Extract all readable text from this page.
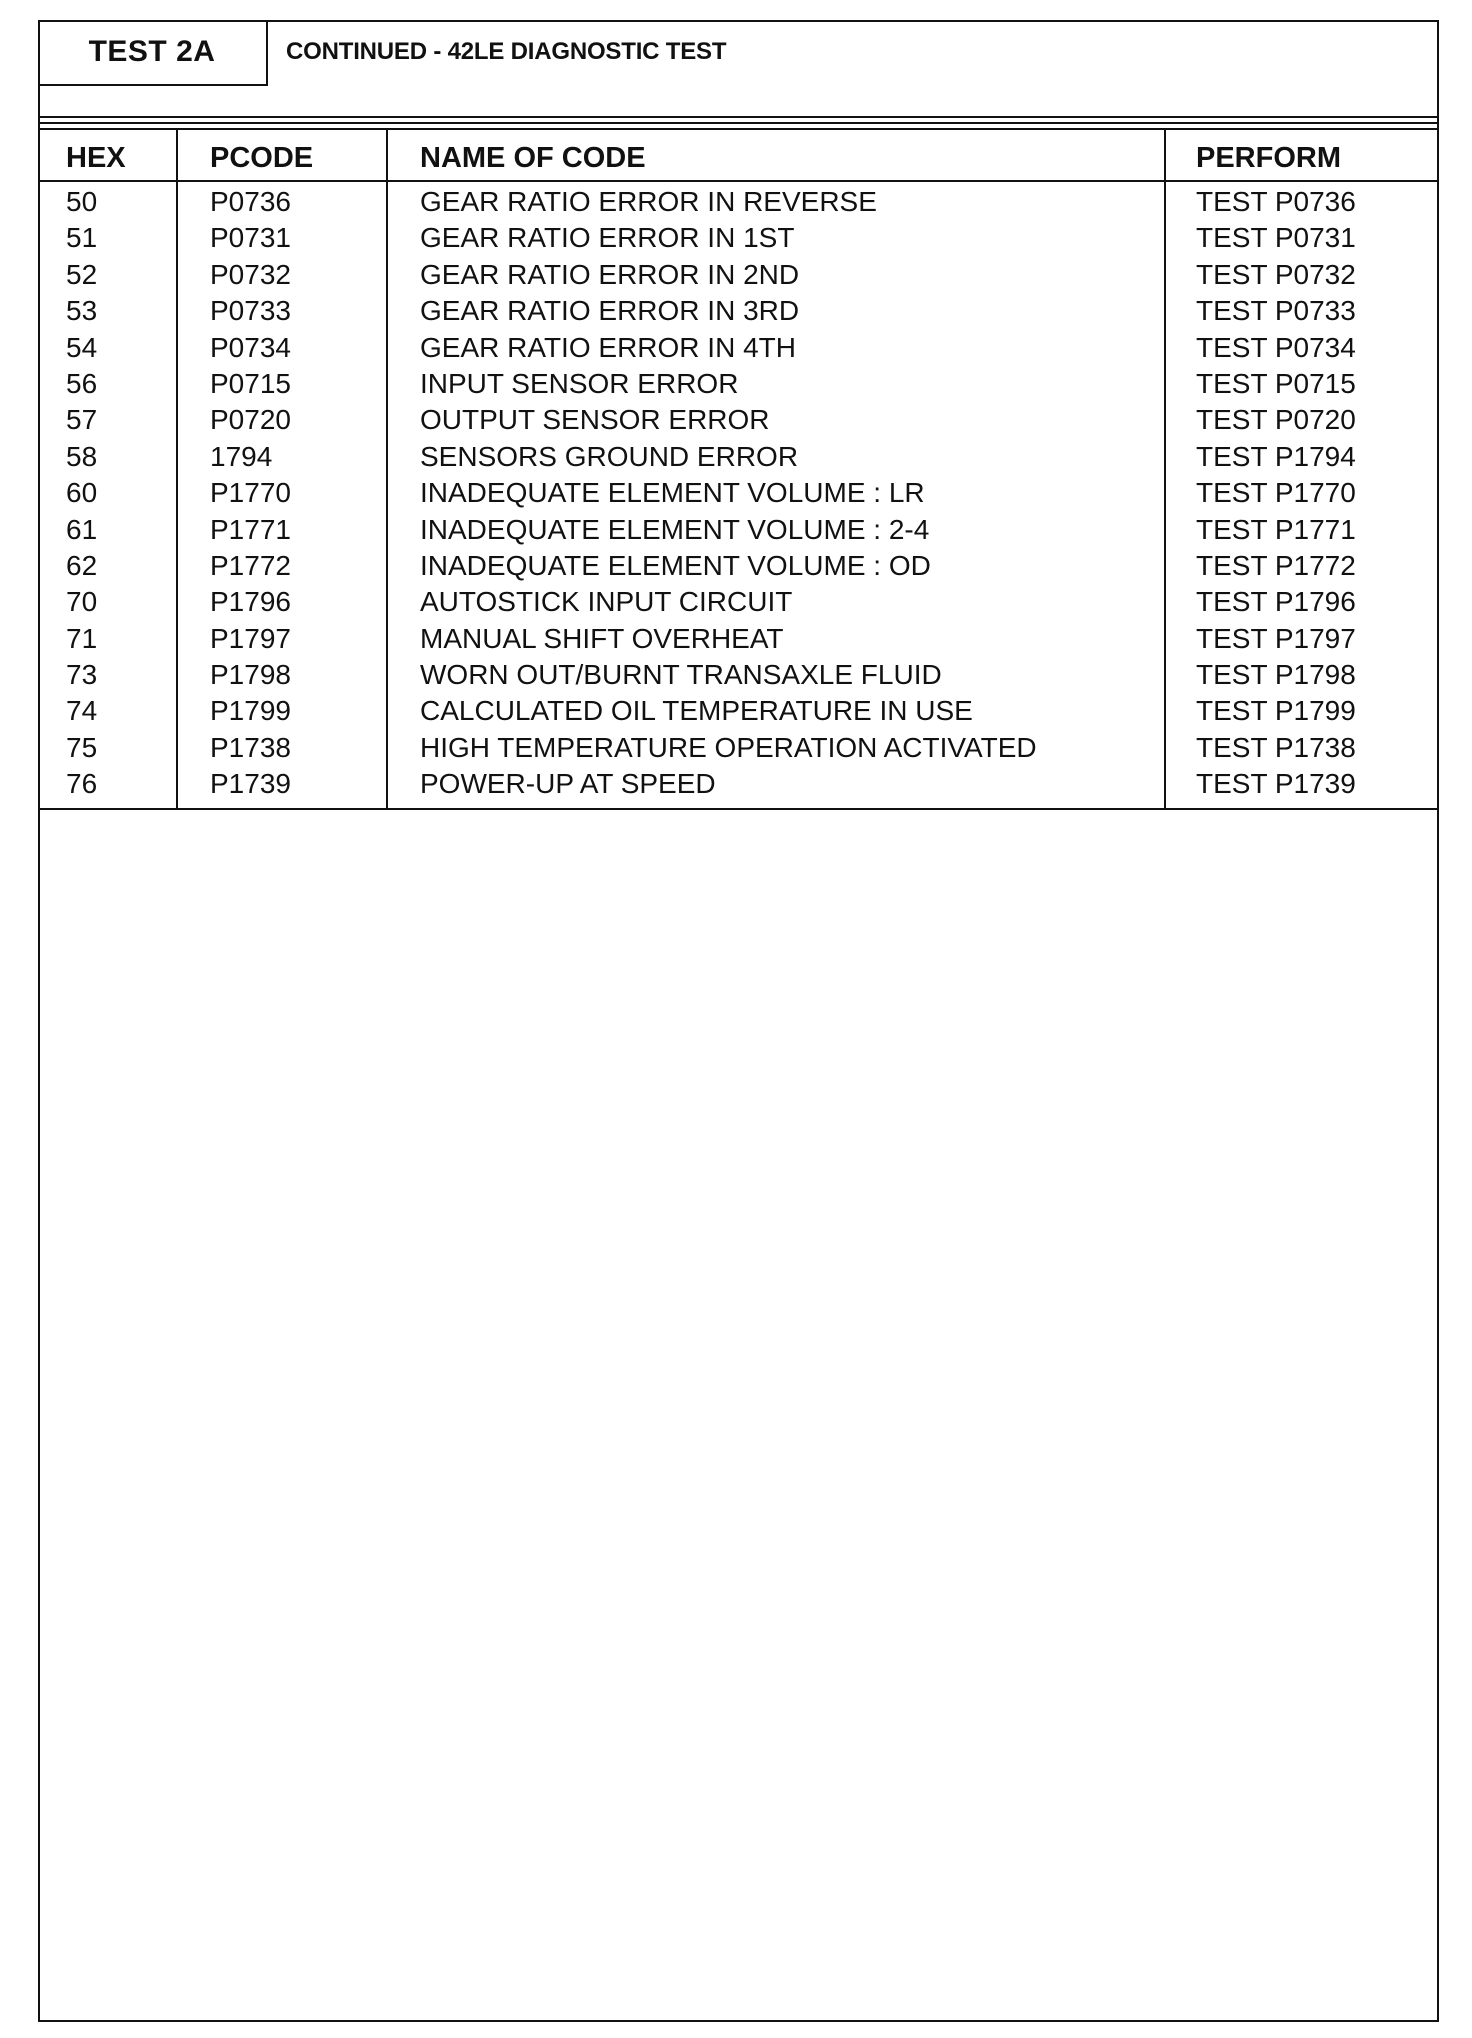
TEST 2A	CONTINUED - 42LE DIAGNOSTIC TEST
HEX	PCODE	NAME OF CODE	PERFORM
50	P0736	GEAR RATIO ERROR IN REVERSE	TEST P0736
51	P0731	GEAR RATIO ERROR IN 1ST	TEST P0731
52	P0732	GEAR RATIO ERROR IN 2ND	TEST P0732
53	P0733	GEAR RATIO ERROR IN 3RD	TEST P0733
54	P0734	GEAR RATIO ERROR IN 4TH	TEST P0734
56	P0715	INPUT SENSOR ERROR	TEST P0715
57	P0720	OUTPUT SENSOR ERROR	TEST P0720
58	1794	SENSORS GROUND ERROR	TEST P1794
60	P1770	INADEQUATE ELEMENT VOLUME : LR	TEST P1770
61	P1771	INADEQUATE ELEMENT VOLUME : 2-4	TEST P1771
62	P1772	INADEQUATE ELEMENT VOLUME : OD	TEST P1772
70	P1796	AUTOSTICK INPUT CIRCUIT	TEST P1796
71	P1797	MANUAL SHIFT OVERHEAT	TEST P1797
73	P1798	WORN OUT/BURNT TRANSAXLE FLUID	TEST P1798
74	P1799	CALCULATED OIL TEMPERATURE IN USE	TEST P1799
75	P1738	HIGH TEMPERATURE OPERATION ACTIVATED	TEST P1738
76	P1739	POWER-UP AT SPEED	TEST P1739
